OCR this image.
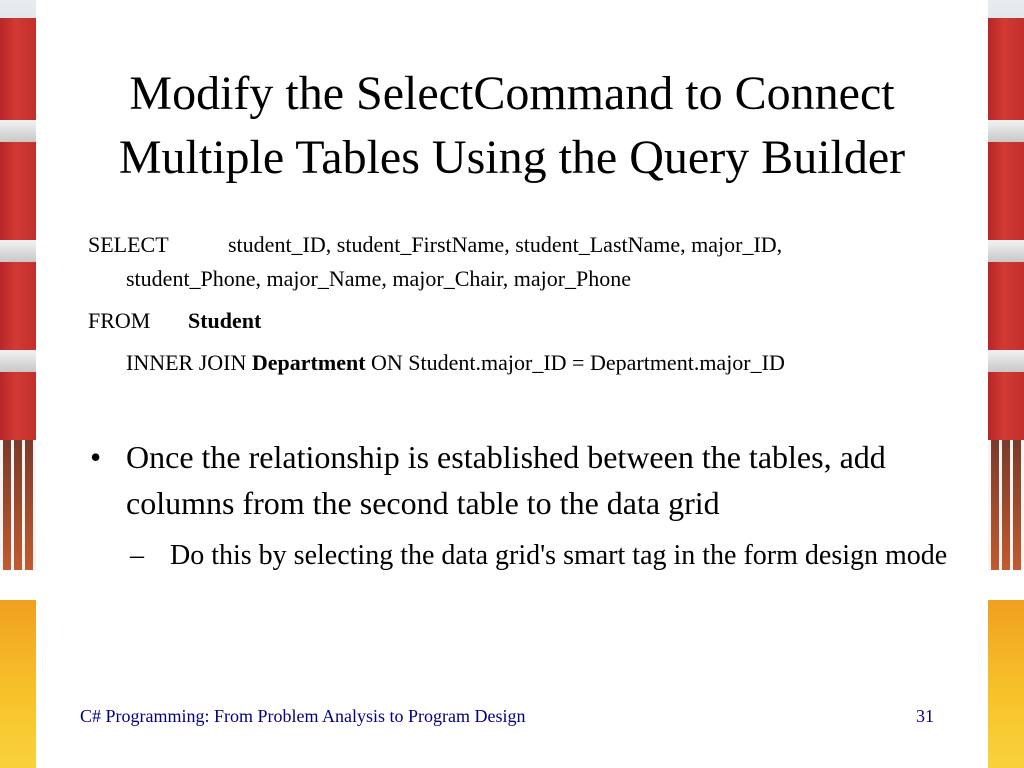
Modify the SelectCommand to Connect
Multiple Tables Using the Query Builder
SELECT	student_ID, student_FirstName, student_LastName, major_ID,
student_Phone, major_Name, major_Chair, major_Phone
FROM Student
INNER JOIN Department ON Student.major_ID = Department.major_ID
• Once the relationship is established between the tables, add columns from the second table to the data grid
– Do this by selecting the data grid's smart tag in the form design mode
C# Programming: From Problem Analysis to Program Design	31
